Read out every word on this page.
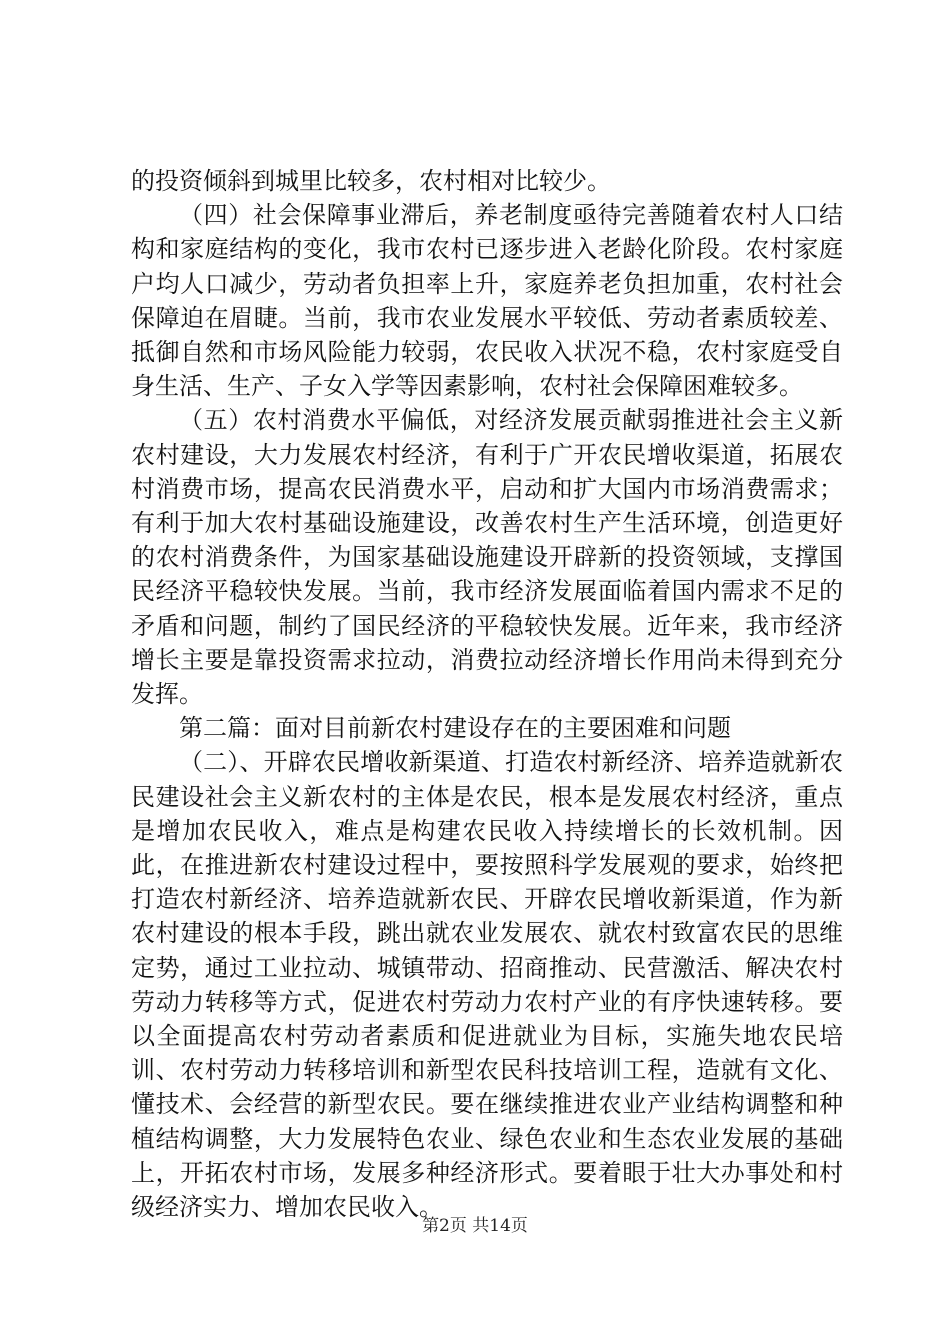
的投资倾斜到城里比较多，农村相对比较少。

（四）社会保障事业滞后，养老制度亟待完善随着农村人口结构和家庭结构的变化，我市农村已逐步进入老龄化阶段。农村家庭户均人口减少，劳动者负担率上升，家庭养老负担加重，农村社会保障迫在眉睫。当前，我市农业发展水平较低、劳动者素质较差、抵御自然和市场风险能力较弱，农民收入状况不稳，农村家庭受自身生活、生产、子女入学等因素影响，农村社会保障困难较多。

（五）农村消费水平偏低，对经济发展贡献弱推进社会主义新农村建设，大力发展农村经济，有利于广开农民增收渠道，拓展农村消费市场，提高农民消费水平，启动和扩大国内市场消费需求；有利于加大农村基础设施建设，改善农村生产生活环境，创造更好的农村消费条件，为国家基础设施建设开辟新的投资领域，支撑国民经济平稳较快发展。当前，我市经济发展面临着国内需求不足的矛盾和问题，制约了国民经济的平稳较快发展。近年来，我市经济增长主要是靠投资需求拉动，消费拉动经济增长作用尚未得到充分发挥。

第二篇：面对目前新农村建设存在的主要困难和问题

（二）、开辟农民增收新渠道、打造农村新经济、培养造就新农民建设社会主义新农村的主体是农民，根本是发展农村经济，重点是增加农民收入，难点是构建农民收入持续增长的长效机制。因此，在推进新农村建设过程中，要按照科学发展观的要求，始终把打造农村新经济、培养造就新农民、开辟农民增收新渠道，作为新农村建设的根本手段，跳出就农业发展农、就农村致富农民的思维定势，通过工业拉动、城镇带动、招商推动、民营激活、解决农村劳动力转移等方式，促进农村劳动力农村产业的有序快速转移。要以全面提高农村劳动者素质和促进就业为目标，实施失地农民培训、农村劳动力转移培训和新型农民科技培训工程，造就有文化、懂技术、会经营的新型农民。要在继续推进农业产业结构调整和种植结构调整，大力发展特色农业、绿色农业和生态农业发展的基础上，开拓农村市场，发展多种经济形式。要着眼于壮大办事处和村级经济实力、增加农民收入。

第2页 共14页
